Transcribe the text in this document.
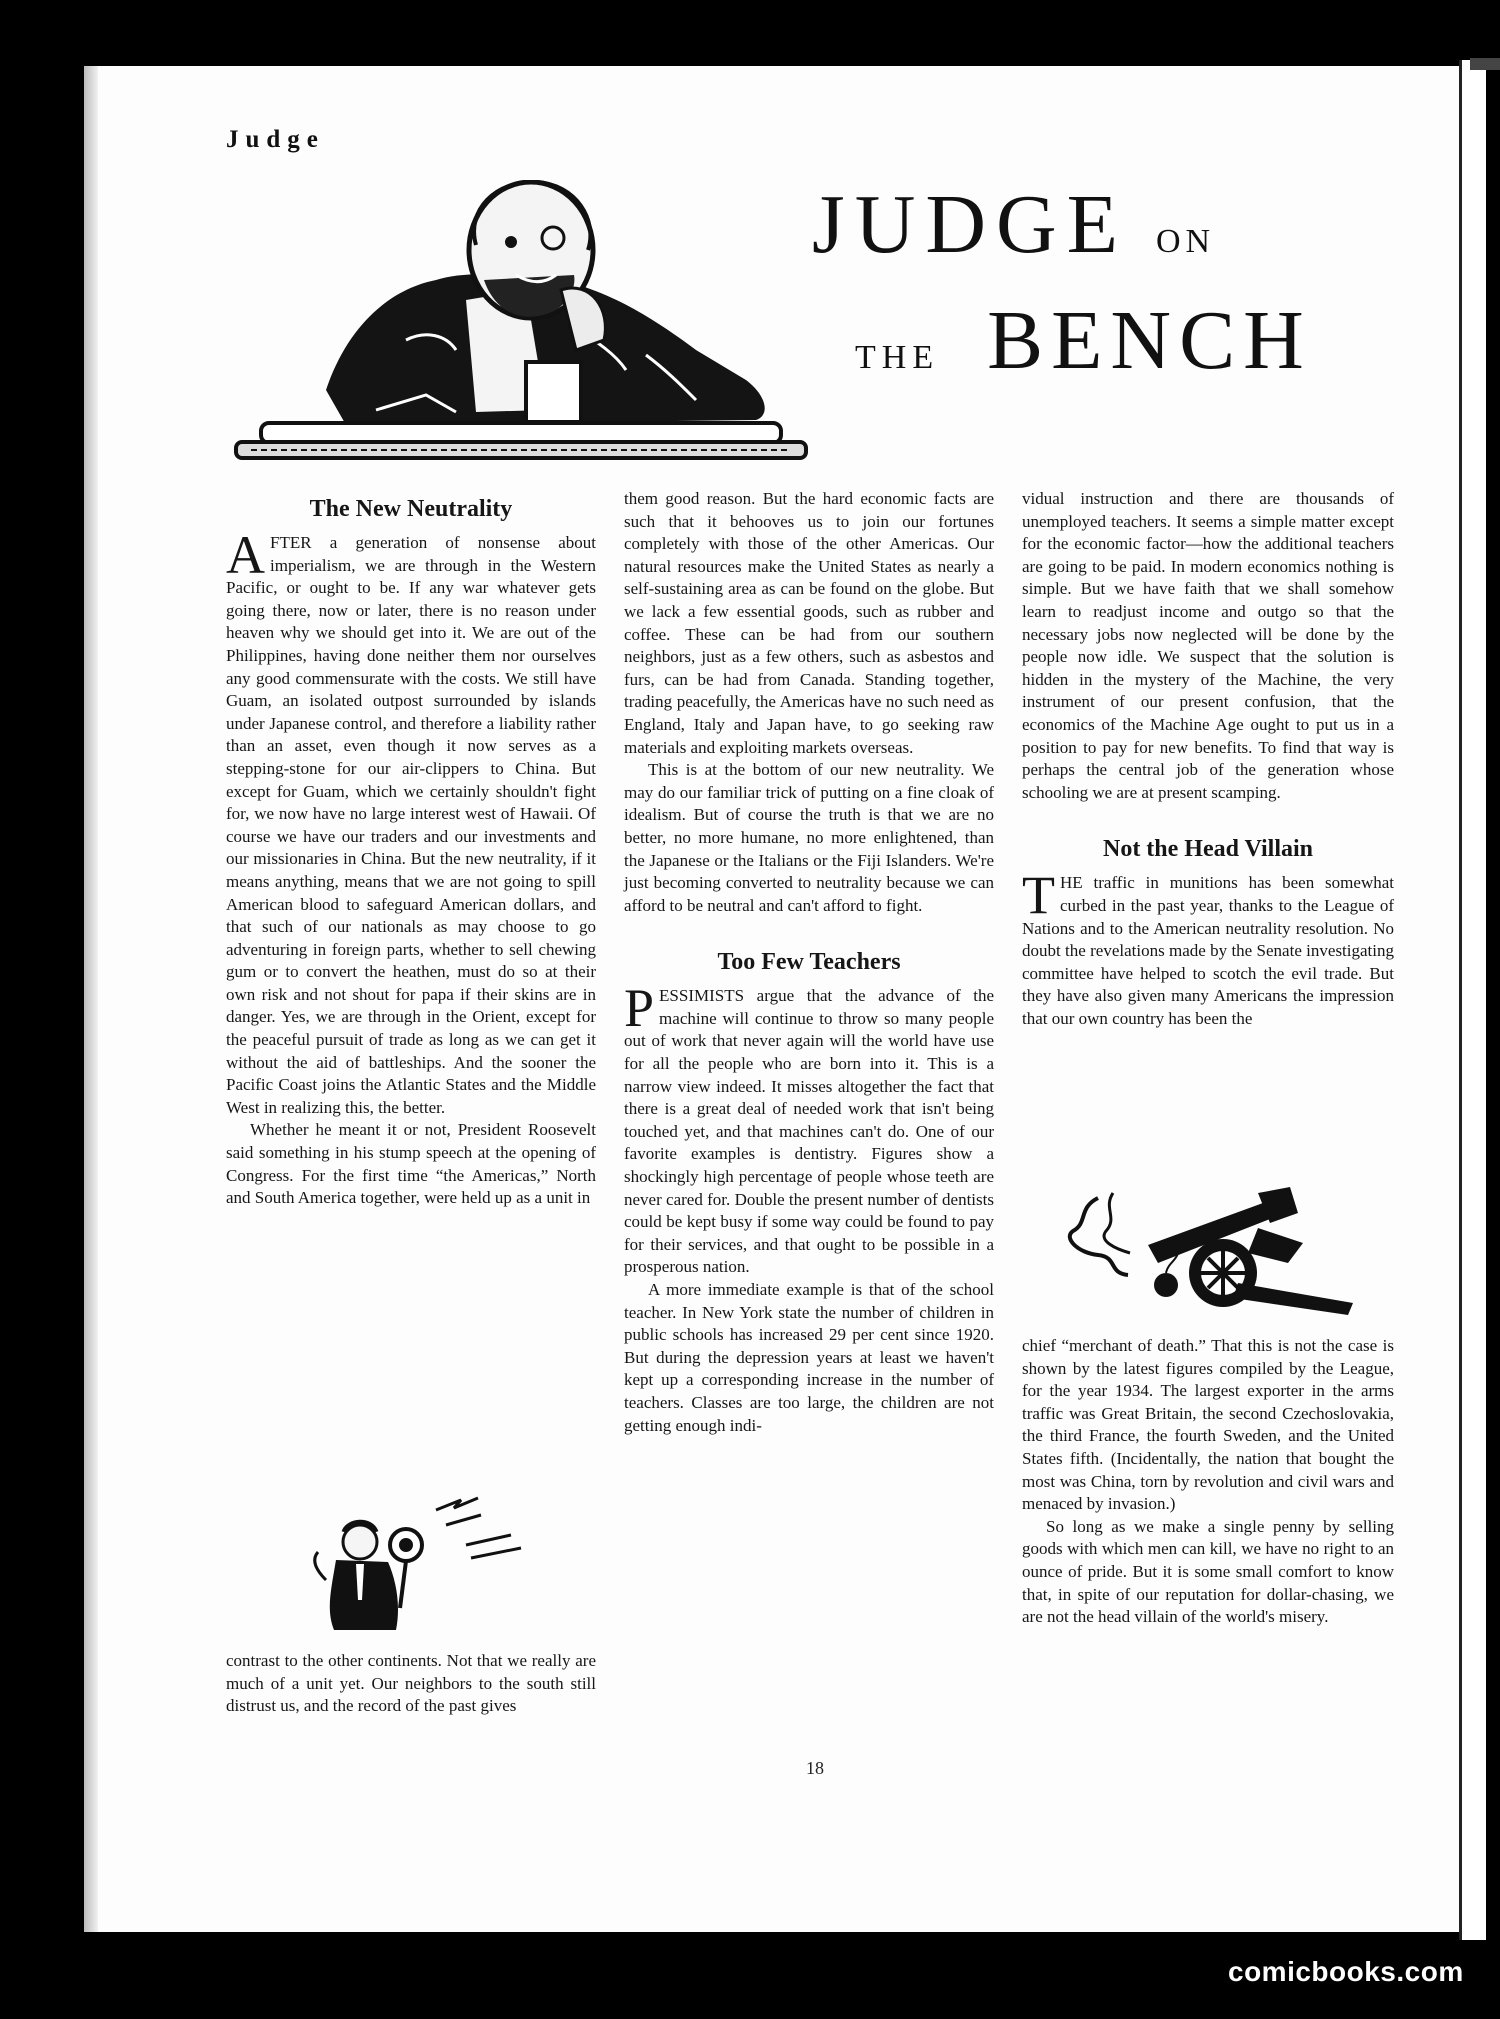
Judge
JUDGE ON
THE BENCH
The New Neutrality

AFTER a generation of nonsense about imperialism, we are through in the Western Pacific, or ought to be. If any war whatever gets going there, now or later, there is no reason under heaven why we should get into it. We are out of the Philippines, having done neither them nor ourselves any good commensurate with the costs. We still have Guam, an isolated outpost surrounded by islands under Japanese control, and therefore a liability rather than an asset, even though it now serves as a stepping-stone for our air-clippers to China. But except for Guam, which we certainly shouldn't fight for, we now have no large interest west of Hawaii. Of course we have our traders and our investments and our missionaries in China. But the new neutrality, if it means anything, means that we are not going to spill American blood to safeguard American dollars, and that such of our nationals as may choose to go adventuring in foreign parts, whether to sell chewing gum or to convert the heathen, must do so at their own risk and not shout for papa if their skins are in danger. Yes, we are through in the Orient, except for the peaceful pursuit of trade as long as we can get it without the aid of battleships. And the sooner the Pacific Coast joins the Atlantic States and the Middle West in realizing this, the better.

Whether he meant it or not, President Roosevelt said something in his stump speech at the opening of Congress. For the first time “the Americas,” North and South America together, were held up as a unit in

contrast to the other continents. Not that we really are much of a unit yet. Our neighbors to the south still distrust us, and the record of the past gives

them good reason. But the hard economic facts are such that it behooves us to join our fortunes completely with those of the other Americas. Our natural resources make the United States as nearly a self-sustaining area as can be found on the globe. But we lack a few essential goods, such as rubber and coffee. These can be had from our southern neighbors, just as a few others, such as asbestos and furs, can be had from Canada. Standing together, trading peacefully, the Americas have no such need as England, Italy and Japan have, to go seeking raw materials and exploiting markets overseas.

This is at the bottom of our new neutrality. We may do our familiar trick of putting on a fine cloak of idealism. But of course the truth is that we are no better, no more humane, no more enlightened, than the Japanese or the Italians or the Fiji Islanders. We're just becoming converted to neutrality because we can afford to be neutral and can't afford to fight.

Too Few Teachers

PESSIMISTS argue that the advance of the machine will continue to throw so many people out of work that never again will the world have use for all the people who are born into it. This is a narrow view indeed. It misses altogether the fact that there is a great deal of needed work that isn't being touched yet, and that machines can't do. One of our favorite examples is dentistry. Figures show a shockingly high percentage of people whose teeth are never cared for. Double the present number of dentists could be kept busy if some way could be found to pay for their services, and that ought to be possible in a prosperous nation.

A more immediate example is that of the school teacher. In New York state the number of children in public schools has increased 29 per cent since 1920. But during the depression years at least we haven't kept up a corresponding increase in the number of teachers. Classes are too large, the children are not getting enough indi-

vidual instruction and there are thousands of unemployed teachers. It seems a simple matter except for the economic factor—how the additional teachers are going to be paid. In modern economics nothing is simple. But we have faith that we shall somehow learn to readjust income and outgo so that the necessary jobs now neglected will be done by the people now idle. We suspect that the solution is hidden in the mystery of the Machine, the very instrument of our present confusion, that the economics of the Machine Age ought to put us in a position to pay for new benefits. To find that way is perhaps the central job of the generation whose schooling we are at present scamping.

Not the Head Villain

THE traffic in munitions has been somewhat curbed in the past year, thanks to the League of Nations and to the American neutrality resolution. No doubt the revelations made by the Senate investigating committee have helped to scotch the evil trade. But they have also given many Americans the impression that our own country has been the

chief “merchant of death.” That this is not the case is shown by the latest figures compiled by the League, for the year 1934. The largest exporter in the arms traffic was Great Britain, the second Czechoslovakia, the third France, the fourth Sweden, and the United States fifth. (Incidentally, the nation that bought the most was China, torn by revolution and civil wars and menaced by invasion.)

So long as we make a single penny by selling goods with which men can kill, we have no right to an ounce of pride. But it is some small comfort to know that, in spite of our reputation for dollar-chasing, we are not the head villain of the world's misery.

18
comicbooks.com
